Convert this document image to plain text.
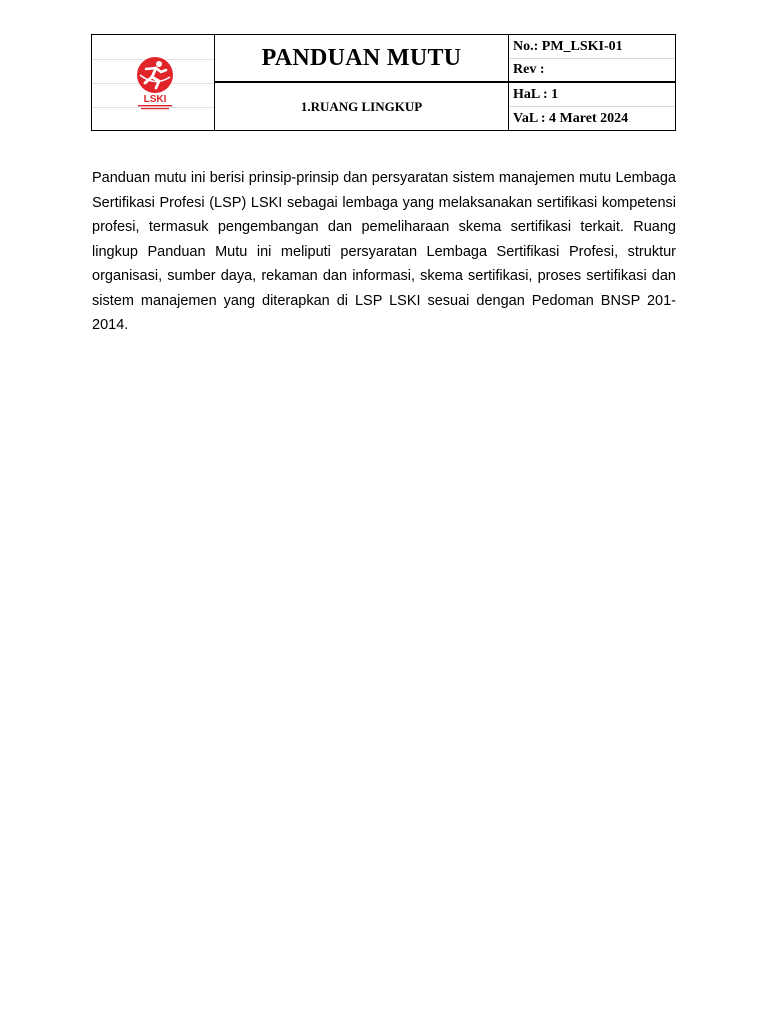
LSKI
PANDUAN MUTU
1.RUANG LINGKUP
No.: PM_LSKI-01
Rev :
HaL : 1
VaL : 4 Maret 2024

Panduan mutu ini berisi prinsip-prinsip dan persyaratan sistem manajemen mutu Lembaga Sertifikasi Profesi (LSP) LSKI sebagai lembaga yang melaksanakan sertifikasi kompetensi profesi, termasuk pengembangan dan pemeliharaan skema sertifikasi terkait. Ruang lingkup Panduan Mutu ini meliputi persyaratan Lembaga Sertifikasi Profesi, struktur organisasi, sumber daya, rekaman dan informasi, skema sertifikasi, proses sertifikasi dan sistem manajemen yang diterapkan di LSP LSKI sesuai dengan Pedoman BNSP 201-2014.
